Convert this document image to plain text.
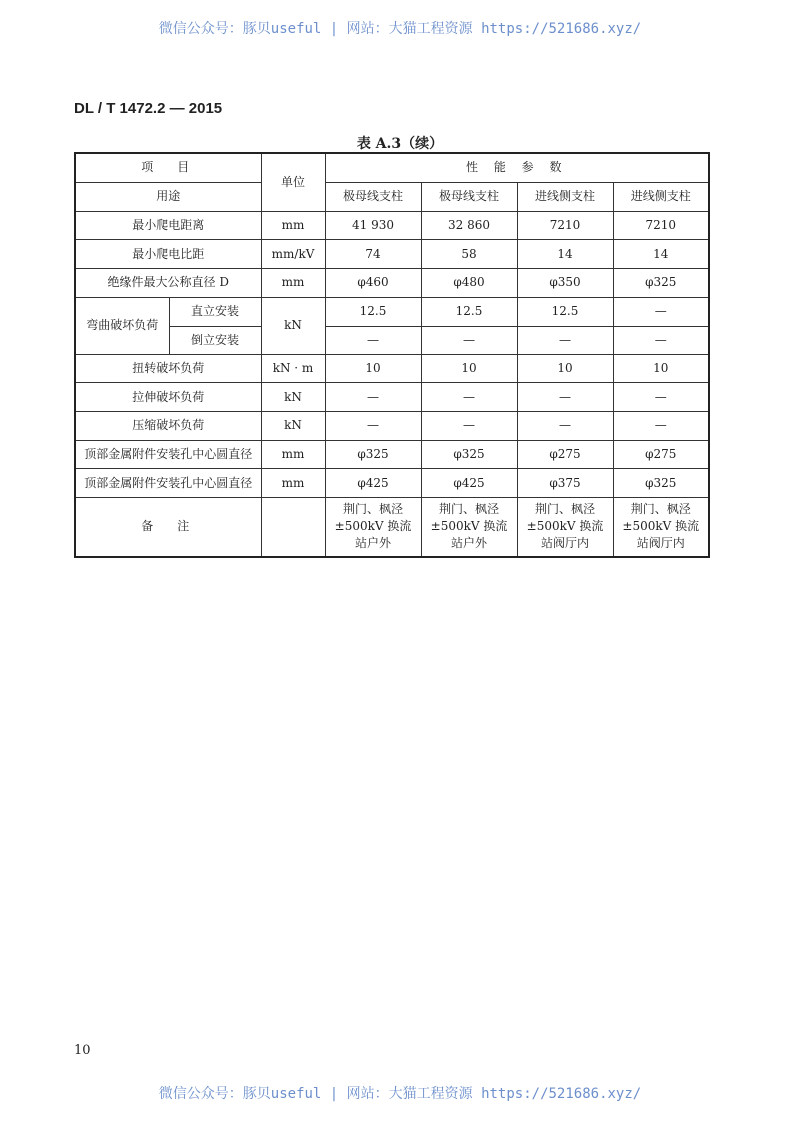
微信公众号：豚贝useful | 网站：大猫工程资源 https://521686.xyz/
DL / T 1472.2 — 2015
表 A.3（续）
项　目		单位	性 能 参 数			
用途			极母线支柱	极母线支柱	进线侧支柱	进线侧支柱
最小爬电距离		mm	41 930	32 860	7210	7210
最小爬电比距		mm/kV	74	58	14	14
绝缘件最大公称直径 D		mm	φ460	φ480	φ350	φ325
弯曲破坏负荷	直立安装	kN	12.5	12.5	12.5	—
	倒立安装		—	—	—	—
扭转破坏负荷		kN · m	10	10	10	10
拉伸破坏负荷		kN	—	—	—	—
压缩破坏负荷		kN	—	—	—	—
顶部金属附件安装孔中心圆直径		mm	φ325	φ325	φ275	φ275
顶部金属附件安装孔中心圆直径		mm	φ425	φ425	φ375	φ325
备　注			荆门、枫泾 ±500kV 换流 站户外	荆门、枫泾 ±500kV 换流 站户外	荆门、枫泾 ±500kV 换流 站阀厅内	荆门、枫泾 ±500kV 换流 站阀厅内
10
微信公众号：豚贝useful | 网站：大猫工程资源 https://521686.xyz/
